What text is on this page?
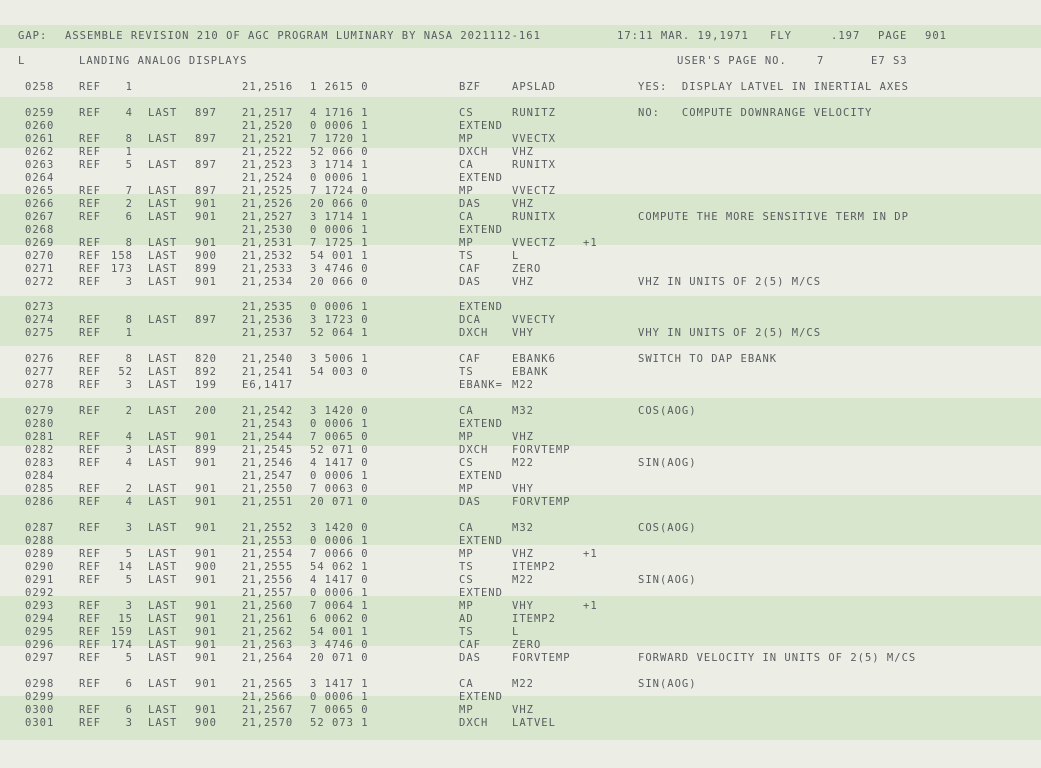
GAP: ASSEMBLE REVISION 210 OF AGC PROGRAM LUMINARY BY NASA 2021112-161	17:11 MAR. 19,1971 FLY	.197 PAGE 901
L	LANDING ANALOG DISPLAYS	USER'S PAGE NO.	7	E7 S3
0258 REF	1	21,2516 1 2615 0	BZF	APSLAD	YES:  DISPLAY LATVEL IN INERTIAL AXES
0259 REF	4 LAST 897 21,2517 4 1716 1	CS	RUNITZ	NO:   COMPUTE DOWNRANGE VELOCITY
0260	21,2520 0 0006 1	EXTEND
0261 REF	8 LAST 897 21,2521 7 1720 1	MP	VVECTX
0262 REF	1	21,2522 52 066 0	DXCH VHZ
0263 REF	5 LAST 897 21,2523 3 1714 1	CA	RUNITX
0264	21,2524 0 0006 1	EXTEND
0265 REF	7 LAST 897 21,2525 7 1724 0	MP	VVECTZ
0266 REF	2 LAST 901 21,2526 20 066 0	DAS	VHZ
0267 REF	6 LAST 901 21,2527 3 1714 1	CA	RUNITX	COMPUTE THE MORE SENSITIVE TERM IN DP
0268	21,2530 0 0006 1	EXTEND
0269 REF	8 LAST 901 21,2531 7 1725 1	MP	VVECTZ	+1
0270 REF 158 LAST 900 21,2532 54 001 1	TS	L
0271 REF 173 LAST 899 21,2533 3 4746 0	CAF	ZERO
0272 REF	3 LAST 901 21,2534 20 066 0	DAS	VHZ	VHZ IN UNITS OF 2(5) M/CS
0273	21,2535 0 0006 1	EXTEND
0274 REF	8 LAST 897 21,2536 3 1723 0	DCA	VVECTY
0275 REF	1	21,2537 52 064 1	DXCH VHY	VHY IN UNITS OF 2(5) M/CS
0276 REF	8 LAST 820 21,2540 3 5006 1	CAF	EBANK6	SWITCH TO DAP EBANK
0277 REF	52 LAST 892 21,2541 54 003 0	TS	EBANK
0278 REF	3 LAST 199 E6,1417	EBANK= M22
0279 REF	2 LAST 200 21,2542 3 1420 0	CA	M32	COS(AOG)
0280	21,2543 0 0006 1	EXTEND
0281 REF	4 LAST 901 21,2544 7 0065 0	MP	VHZ
0282 REF	3 LAST 899 21,2545 52 071 0	DXCH FORVTEMP
0283 REF	4 LAST 901 21,2546 4 1417 0	CS	M22	SIN(AOG)
0284	21,2547 0 0006 1	EXTEND
0285 REF	2 LAST 901 21,2550 7 0063 0	MP	VHY
0286 REF	4 LAST 901 21,2551 20 071 0	DAS	FORVTEMP
0287 REF	3 LAST 901 21,2552 3 1420 0	CA	M32	COS(AOG)
0288	21,2553 0 0006 1	EXTEND
0289 REF	5 LAST 901 21,2554 7 0066 0	MP	VHZ	+1
0290 REF	14 LAST 900 21,2555 54 062 1	TS	ITEMP2
0291 REF	5 LAST 901 21,2556 4 1417 0	CS	M22	SIN(AOG)
0292	21,2557 0 0006 1	EXTEND
0293 REF	3 LAST 901 21,2560 7 0064 1	MP	VHY	+1
0294 REF	15 LAST 901 21,2561 6 0062 0	AD	ITEMP2
0295 REF 159 LAST 901 21,2562 54 001 1	TS	L
0296 REF 174 LAST 901 21,2563 3 4746 0	CAF	ZERO
0297 REF	5 LAST 901 21,2564 20 071 0	DAS	FORVTEMP	FORWARD VELOCITY IN UNITS OF 2(5) M/CS
0298 REF	6 LAST 901 21,2565 3 1417 1	CA	M22	SIN(AOG)
0299	21,2566 0 0006 1	EXTEND
0300 REF	6 LAST 901 21,2567 7 0065 0	MP	VHZ
0301 REF	3 LAST 900 21,2570 52 073 1	DXCH LATVEL
